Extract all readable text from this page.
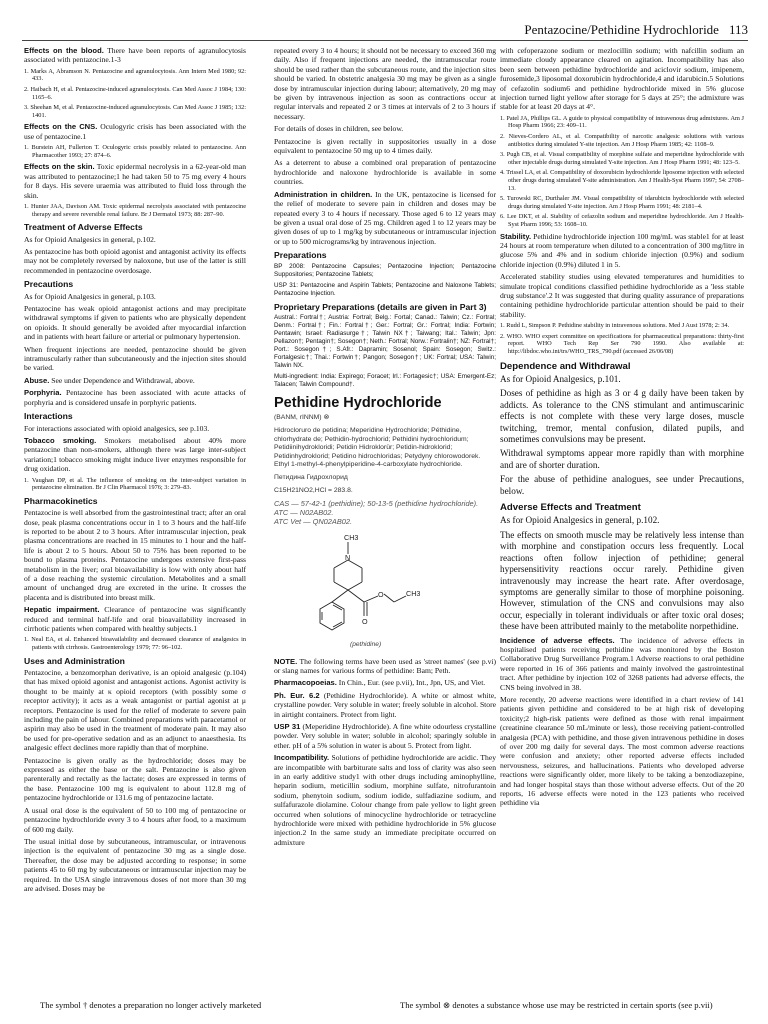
Pentazocine/Pethidine Hydrochloride 113

Effects on the blood. There have been reports of agranulocytosis associated with pentazocine.1-3

1. Marks A, Abramson N. Pentazocine and agranulocytosis. Ann Intern Med 1980; 92: 433.

2. Haibach H, et al. Pentazocine-induced agranulocytosis. Can Med Assoc J 1984; 130: 1165–6.

3. Sheehan M, et al. Pentazocine-induced agranulocytosis. Can Med Assoc J 1985; 132: 1401.

Effects on the CNS. Oculogyric crisis has been associated with the use of pentazocine.1

1. Burstein AH, Fullerton T. Oculogyric crisis possibly related to pentazocine. Ann Pharmacother 1993; 27: 874–6.

Effects on the skin. Toxic epidermal necrolysis in a 62-year-old man was attributed to pentazocine;1 he had taken 50 to 75 mg every 4 hours for 8 days. His severe uraemia was attributed to fluid loss through the skin.

1. Hunter JAA, Davison AM. Toxic epidermal necrolysis associated with pentazocine therapy and severe reversible renal failure. Br J Dermatol 1973; 88: 287–90.

Treatment of Adverse Effects

As for Opioid Analgesics in general, p.102.

As pentazocine has both opioid agonist and antagonist activity its effects may not be completely reversed by naloxone, but use of the latter is still recommended in pentazocine overdosage.

Precautions

As for Opioid Analgesics in general, p.103.

Pentazocine has weak opioid antagonist actions and may precipitate withdrawal symptoms if given to patients who are physically dependent on opioids. It should generally be avoided after myocardial infarction and in patients with heart failure or arterial or pulmonary hypertension.

When frequent injections are needed, pentazocine should be given intramuscularly rather than subcutaneously and the injection sites should be varied.

Abuse. See under Dependence and Withdrawal, above.

Porphyria. Pentazocine has been associated with acute attacks of porphyria and is considered unsafe in porphyric patients.

Interactions

For interactions associated with opioid analgesics, see p.103.

Tobacco smoking. Smokers metabolised about 40% more pentazocine than non-smokers, although there was large inter-subject variation;1 tobacco smoking might induce liver enzymes responsible for drug oxidation.

1. Vaughan DP, et al. The influence of smoking on the inter-subject variation in pentazocine elimination. Br J Clin Pharmacol 1976; 3: 279–83.

Pharmacokinetics

Pentazocine is well absorbed from the gastrointestinal tract; after an oral dose, peak plasma concentrations occur in 1 to 3 hours and the half-life is reported to be about 2 to 3 hours. After intramuscular injection, peak plasma concentrations are reached in 15 minutes to 1 hour and the half-life is about 2 to 5 hours. About 50 to 75% has been reported to be bound to plasma proteins. Pentazocine undergoes extensive first-pass metabolism in the liver; oral bioavailability is low with only about half of a dose reaching the systemic circulation. Metabolites and a small amount of unchanged drug are excreted in the urine. It crosses the placenta and is distributed into breast milk.

Hepatic impairment. Clearance of pentazocine was significantly reduced and terminal half-life and oral bioavailability increased in cirrhotic patients when compared with healthy subjects.1

1. Neal EA, et al. Enhanced bioavailability and decreased clearance of analgesics in patients with cirrhosis. Gastroenterology 1979; 77: 96–102.

Uses and Administration

Pentazocine, a benzomorphan derivative, is an opioid analgesic (p.104) that has mixed opioid agonist and antagonist actions. Agonist activity is thought to be mainly at κ opioid receptors (with possibly some σ receptor activity); it acts as a weak antagonist or partial agonist at μ receptors. Pentazocine is used for the relief of moderate to severe pain including the pain of labour. Combined preparations with paracetamol or aspirin may also be used in the treatment of moderate pain. It may also be used for pre-operative sedation and as an adjunct to anaesthesia. Its analgesic effect declines more rapidly than that of morphine.

Pentazocine is given orally as the hydrochloride; doses may be expressed as either the base or the salt. Pentazocine is also given parenterally and rectally as the lactate; doses are expressed in terms of the base. Pentazocine 100 mg is equivalent to about 112.8 mg of pentazocine hydrochloride or 131.6 mg of pentazocine lactate.

A usual oral dose is the equivalent of 50 to 100 mg of pentazocine or pentazocine hydrochloride every 3 to 4 hours after food, to a maximum of 600 mg daily.

The usual initial dose by subcutaneous, intramuscular, or intravenous injection is the equivalent of pentazocine 30 mg as a single dose. Thereafter, the dose may be adjusted according to response; in some patients 45 to 60 mg by subcutaneous or intramuscular injection may be required. In the USA single intravenous doses of not more than 30 mg are advised. Doses may be

repeated every 3 to 4 hours; it should not be necessary to exceed 360 mg daily. Also if frequent injections are needed, the intramuscular route should be used rather than the subcutaneous route, and the injection sites should be varied. In obstetric analgesia 30 mg may be given as a single dose by intramuscular injection during labour; alternatively, 20 mg may be given by intravenous injection as soon as contractions occur at regular intervals and repeated 2 or 3 times at intervals of 2 to 3 hours if necessary.

For details of doses in children, see below.

Pentazocine is given rectally in suppositories usually in a dose equivalent to pentazocine 50 mg up to 4 times daily.

As a deterrent to abuse a combined oral preparation of pentazocine hydrochloride and naloxone hydrochloride is available in some countries.

Administration in children. In the UK, pentazocine is licensed for the relief of moderate to severe pain in children and doses may be repeated every 3 to 4 hours if necessary. Those aged 6 to 12 years may be given a usual oral dose of 25 mg. Children aged 1 to 12 years may be given doses of up to 1 mg/kg by subcutaneous or intramuscular injection or up to 500 micrograms/kg by intravenous injection.

Preparations

BP 2008: Pentazocine Capsules; Pentazocine Injection; Pentazocine Suppositories; Pentazocine Tablets;

USP 31: Pentazocine and Aspirin Tablets; Pentazocine and Naloxone Tablets; Pentazocine Injection.

Proprietary Preparations (details are given in Part 3)

Austral.: Fortral†; Austria: Fortral; Belg.: Fortal; Canad.: Talwin; Cz.: Fortral; Denm.: Fortral†; Fin.: Fortral†; Ger.: Fortral; Gr.: Fortral; India: Fortwin; Pentawin; Israel: Radiasurge†; Talwin NX†; Taiwang; Ital.: Talwin; Jpn: Pellazon†; Pentagin†; Sosegon†; Neth.: Fortral; Norw.: Fortralin†; NZ: Fortral†; Port.: Sosegon†; S.Afr.: Dapramin; Sosenol; Spain: Sosegon; Switz.: Fortalgesic†; Thai.: Fortwin†; Pangon; Sosegon†; UK: Fortral; USA: Talwin; Talwin NX.

Multi-ingredient: India: Expirego; Foracet; Irl.: Fortagesic†; USA: Emergent-Ez; Talacen; Talwin Compound†.

Pethidine Hydrochloride
(BANM, rINNM) ⊗
Hidrocloruro de petidina; Meperidine Hydrochloride; Péthidine, chlorhydrate de; Pethidin-hydrochlorid; Pethidini hydrochloridum; Petidiinihydrokloridi; Petidin Hidroklorür; Petidin-hidroklorid; Petidinhydroklorid; Petidino hidrochloridas; Petydyny chlorowodorek. Ethyl 1-methyl-4-phenylpiperidine-4-carboxylate hydrochloride.
Петидина Гидрохлорид
C15H21NO2,HCl = 283.8.
CAS — 57-42-1 (pethidine); 50-13-5 (pethidine hydrochloride).
ATC — N02AB02.
ATC Vet — QN02AB02.
CH3
N
O
O	CH3
(pethidine)

NOTE. The following terms have been used as 'street names' (see p.vi) or slang names for various forms of pethidine: Bam; Peth.

Pharmacopoeias. In Chin., Eur. (see p.vii), Int., Jpn, US, and Viet.

Ph. Eur. 6.2 (Pethidine Hydrochloride). A white or almost white, crystalline powder. Very soluble in water; freely soluble in alcohol. Store in airtight containers. Protect from light.

USP 31 (Meperidine Hydrochloride). A fine white odourless crystalline powder. Very soluble in water; soluble in alcohol; sparingly soluble in ether. pH of a 5% solution in water is about 5. Protect from light.

Incompatibility. Solutions of pethidine hydrochloride are acidic. They are incompatible with barbiturate salts and loss of clarity was also seen in an early additive study1 with other drugs including aminophylline, heparin sodium, meticillin sodium, morphine sulfate, nitrofurantoin sodium, phenytoin sodium, sodium iodide, sulfadiazine sodium, and sulfafurazole diolamine. Colour change from pale yellow to light green occurred when solutions of minocycline hydrochloride or tetracycline hydrochloride were mixed with pethidine hydrochloride in 5% glucose injection.2 In the same study an immediate precipitate occurred on admixture

with cefoperazone sodium or mezlocillin sodium; with nafcillin sodium an immediate cloudy appearance cleared on agitation. Incompatibility has also been seen between pethidine hydrochloride and aciclovir sodium, imipenem, furosemide,3 liposomal doxorubicin hydrochloride,4 and idarubicin.5 Solutions of cefazolin sodium6 and pethidine hydrochloride mixed in 5% glucose injection turned light yellow after storage for 5 days at 25°; the admixture was stable for at least 20 days at 4°.

1. Patel JA, Phillips GL. A guide to physical compatibility of intravenous drug admixtures. Am J Hosp Pharm 1966; 23: 409–11.

2. Nieves-Cordero AL, et al. Compatibility of narcotic analgesic solutions with various antibiotics during simulated Y-site injection. Am J Hosp Pharm 1985; 42: 1108–9.

3. Pugh CB, et al. Visual compatibility of morphine sulfate and meperidine hydrochloride with other injectable drugs during simulated Y-site injection. Am J Hosp Pharm 1991; 48: 123–5.

4. Trissel LA, et al. Compatibility of doxorubicin hydrochloride liposome injection with selected other drugs during simulated Y-site administration. Am J Health-Syst Pharm 1997; 54: 2708–13.

5. Turowski RC, Durthaler JM. Visual compatibility of idarubicin hydrochloride with selected drugs during simulated Y-site injection. Am J Hosp Pharm 1991; 48: 2181–4.

6. Lee DKT, et al. Stability of cefazolin sodium and meperidine hydrochloride. Am J Health-Syst Pharm 1996; 53: 1608–10.

Stability. Pethidine hydrochloride injection 100 mg/mL was stable1 for at least 24 hours at room temperature when diluted to a concentration of 300 mg/litre in glucose 5% and 4% and in sodium chloride injection (0.9%) and sodium chloride injection (0.9%) diluted 1 in 5.

Accelerated stability studies using elevated temperatures and humidities to simulate tropical conditions classified pethidine hydrochloride as a 'less stable drug substance'.2 It was suggested that during quality assurance of preparations containing pethidine hydrochloride particular attention should be paid to their stability.

1. Rudd L, Simpson P. Pethidine stability in intravenous solutions. Med J Aust 1978; 2: 34.

2. WHO. WHO expert committee on specifications for pharmaceutical preparations: thirty-first report. WHO Tech Rep Ser 790 1990. Also available at: http://libdoc.who.int/trs/WHO_TRS_790.pdf (accessed 26/06/08)

Dependence and Withdrawal

As for Opioid Analgesics, p.101.

Doses of pethidine as high as 3 or 4 g daily have been taken by addicts. As tolerance to the CNS stimulant and antimuscarinic effects is not complete with these very large doses, muscle twitching, tremor, mental confusion, dilated pupils, and sometimes convulsions may be present.

Withdrawal symptoms appear more rapidly than with morphine and are of shorter duration.

For the abuse of pethidine analogues, see under Precautions, below.

Adverse Effects and Treatment

As for Opioid Analgesics in general, p.102.

The effects on smooth muscle may be relatively less intense than with morphine and constipation occurs less frequently. Local reactions often follow injection of pethidine; general hypersensitivity reactions occur rarely. Pethidine given intravenously may increase the heart rate. After overdosage, symptoms are generally similar to those of morphine poisoning. However, stimulation of the CNS and convulsions may also occur, especially in tolerant individuals or after toxic oral doses; these have been attributed mainly to the metabolite norpethidine.

Incidence of adverse effects. The incidence of adverse effects in hospitalised patients receiving pethidine was monitored by the Boston Collaborative Drug Surveillance Program.1 Adverse reactions to oral pethidine were reported in 16 of 366 patients and mainly involved the gastrointestinal tract. After pethidine by injection 102 of 3268 patients had adverse effects, the CNS being involved in 38.

More recently, 20 adverse reactions were identified in a chart review of 141 patients given pethidine and considered to be at high risk of developing toxicity;2 high-risk patients were defined as those with renal impairment (creatinine clearance 50 mL/minute or less), those receiving patient-controlled analgesia (PCA) with pethidine, and those given intravenous pethidine in doses of over 200 mg daily for several days. The most common adverse reactions were confusion and anxiety; other reported adverse effects included nervousness, seizures, and hallucinations. Patients who developed adverse reactions were significantly older, more likely to be taking a benzodiazepine, and had longer hospital stays than those without adverse effects. Out of the 20 reports, 16 adverse effects were noted in the 123 patients who received pethidine via

The symbol † denotes a preparation no longer actively marketed	The symbol ⊗ denotes a substance whose use may be restricted in certain sports (see p.vii)
